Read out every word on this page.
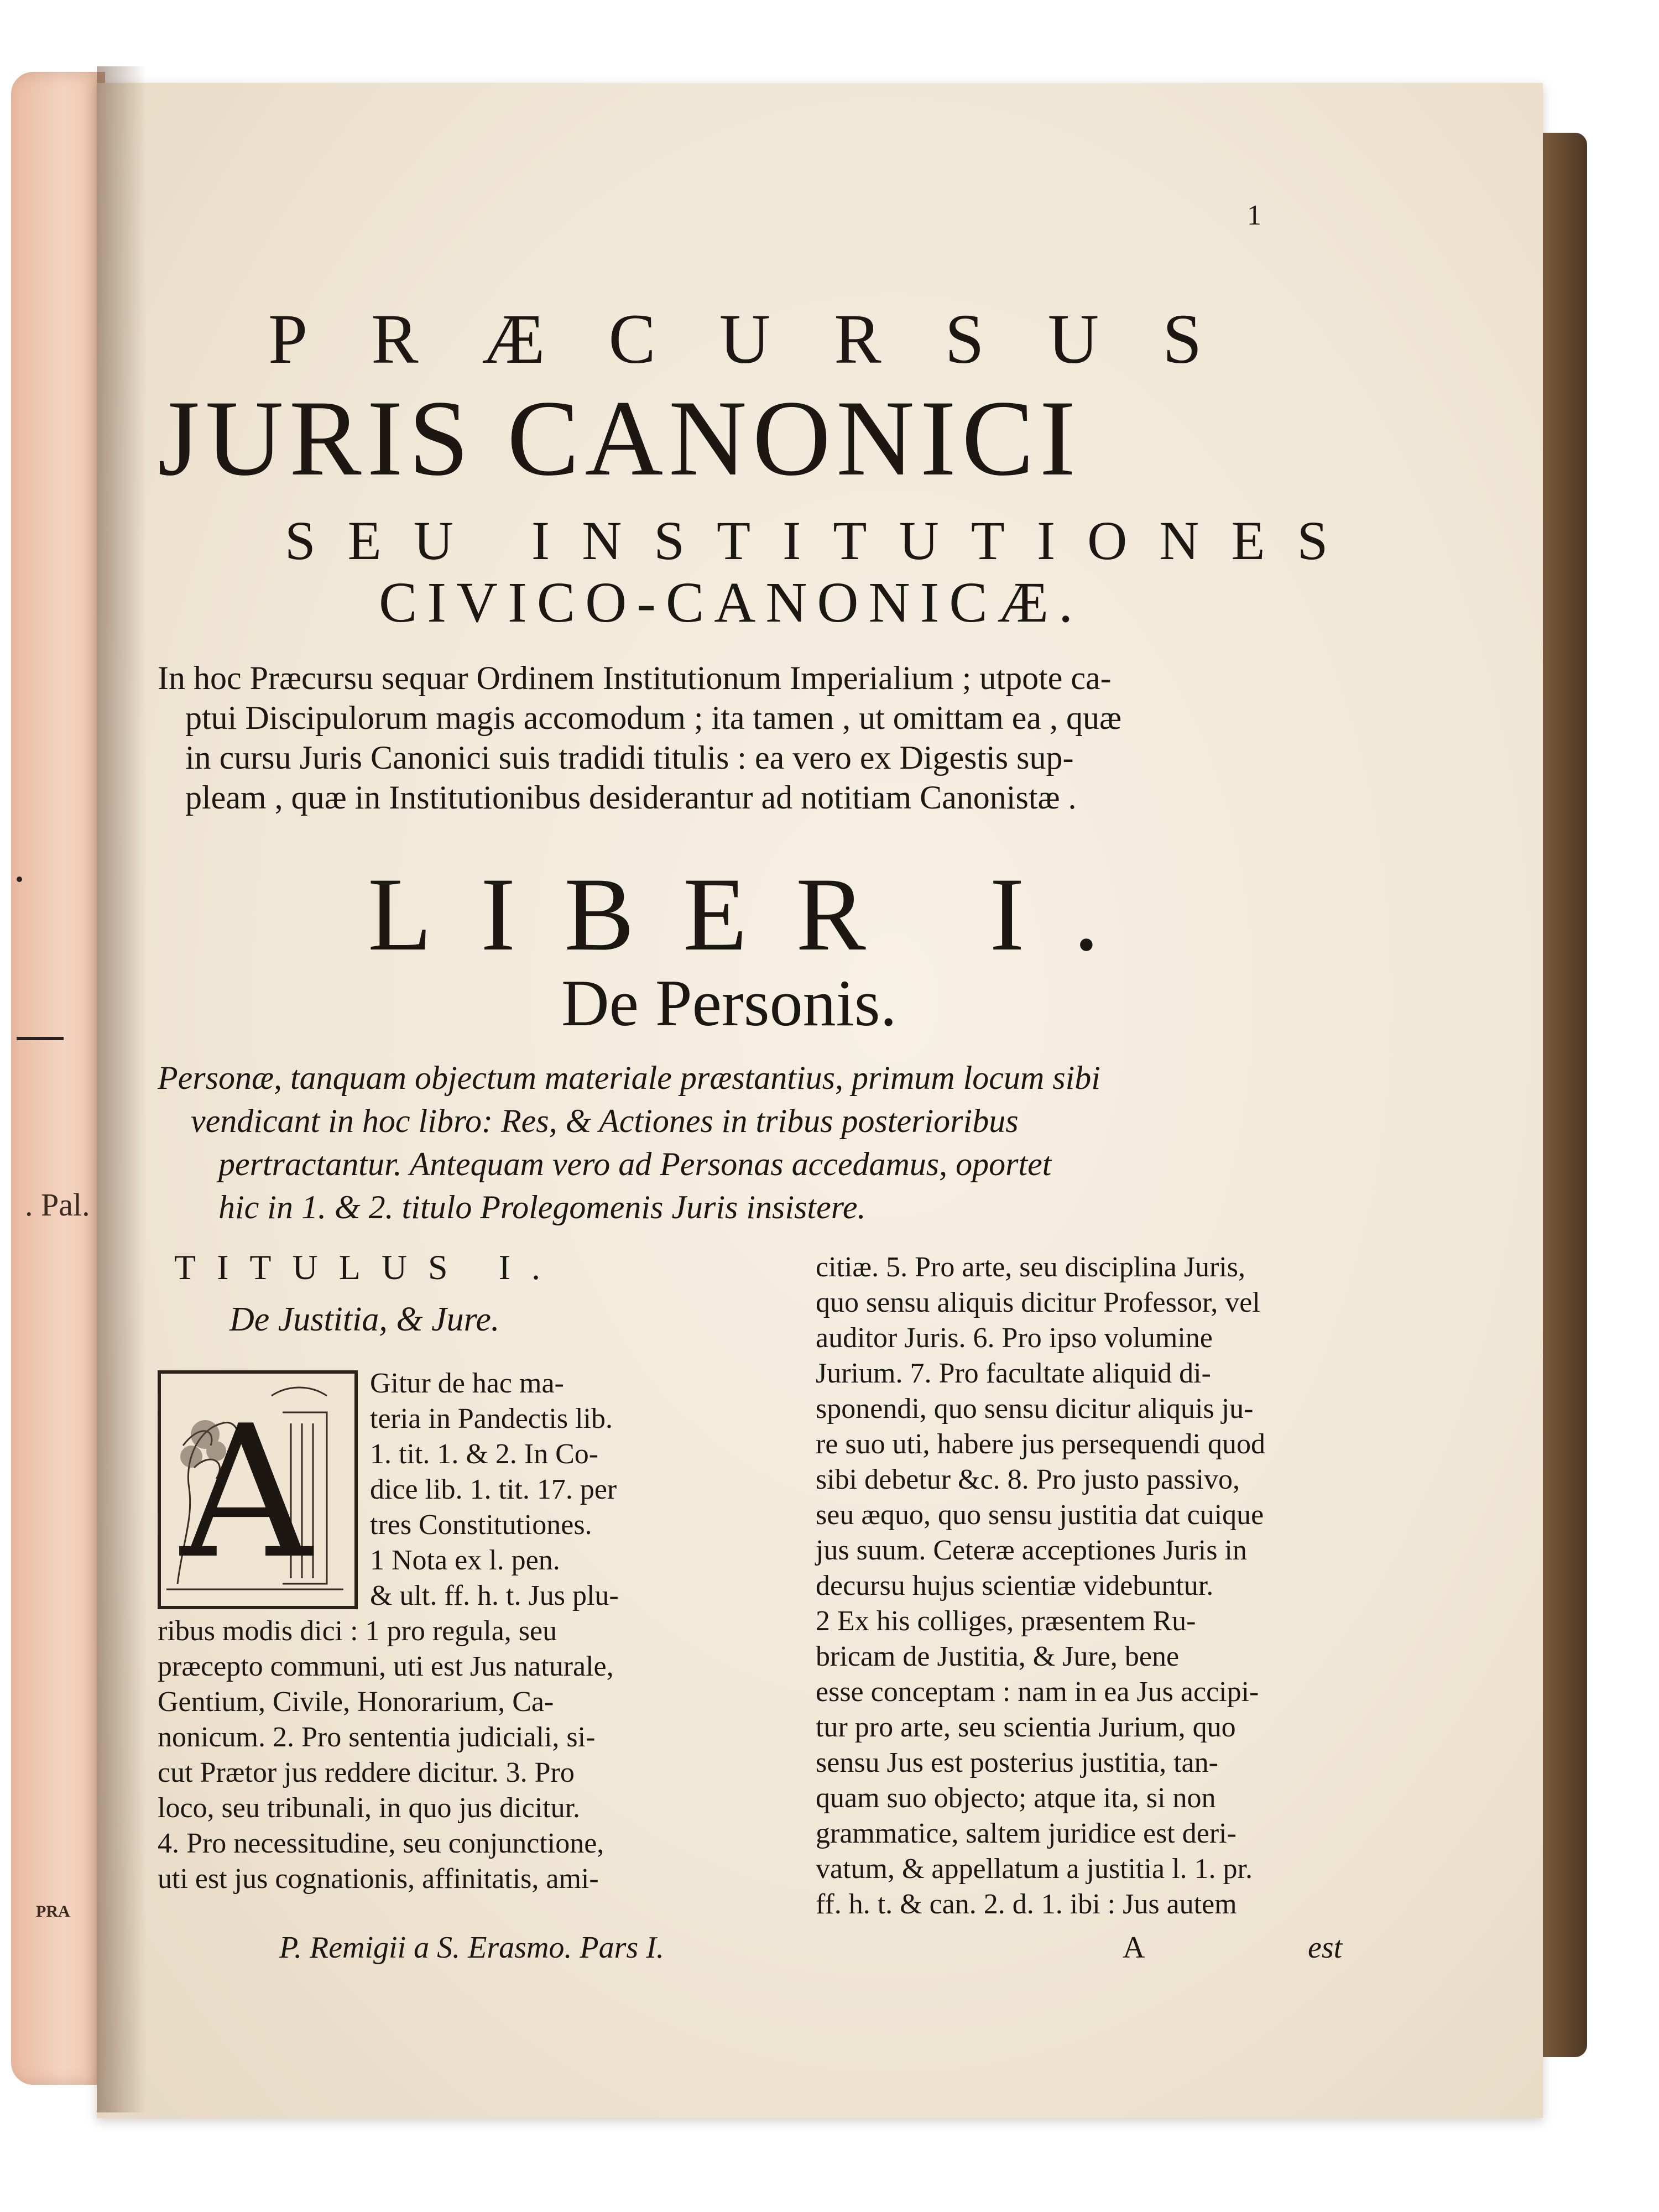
. Pal.
PRA
1
PRÆCURSUS
JURIS CANONICI
SEU INSTITUTIONES
CIVICO-CANONICÆ.
In hoc Præcursu sequar Ordinem Institutionum Imperialium ; utpote ca-
ptui Discipulorum magis accomodum ; ita tamen , ut omittam ea , quæ
in cursu Juris Canonici suis tradidi titulis : ea vero ex Digestis sup-
pleam , quæ in Institutionibus desiderantur ad notitiam Canonistæ .
LIBER I.
De Personis.
Personæ, tanquam objectum materiale præstantius, primum locum sibi
vendicant in hoc libro: Res, & Actiones in tribus posterioribus
pertractantur. Antequam vero ad Personas accedamus, oportet
hic in 1. & 2. titulo Prolegomenis Juris insistere.
TITULUS I.
De Justitia, & Jure.
A
Gitur de hac ma-
teria in Pandectis lib.
1. tit. 1. & 2. In Co-
dice lib. 1. tit. 17. per
tres Constitutiones.
1 Nota ex l. pen.
& ult. ff. h. t. Jus plu-
ribus modis dici : 1 pro regula, seu
præcepto communi, uti est Jus naturale,
Gentium, Civile, Honorarium, Ca-
nonicum. 2. Pro sententia judiciali, si-
cut Prætor jus reddere dicitur. 3. Pro
loco, seu tribunali, in quo jus dicitur.
4. Pro necessitudine, seu conjunctione,
uti est jus cognationis, affinitatis, ami-
citiæ. 5. Pro arte, seu disciplina Juris,
quo sensu aliquis dicitur Professor, vel
auditor Juris. 6. Pro ipso volumine
Jurium. 7. Pro facultate aliquid di-
sponendi, quo sensu dicitur aliquis ju-
re suo uti, habere jus persequendi quod
sibi debetur &c. 8. Pro justo passivo,
seu æquo, quo sensu justitia dat cuique
jus suum. Ceteræ acceptiones Juris in
decursu hujus scientiæ videbuntur.
2 Ex his colliges, præsentem Ru-
bricam de Justitia, & Jure, bene
esse conceptam : nam in ea Jus accipi-
tur pro arte, seu scientia Jurium, quo
sensu Jus est posterius justitia, tan-
quam suo objecto; atque ita, si non
grammatice, saltem juridice est deri-
vatum, & appellatum a justitia l. 1. pr.
ff. h. t. & can. 2. d. 1. ibi : Jus autem
P. Remigii a S. Erasmo. Pars I.	A	est
